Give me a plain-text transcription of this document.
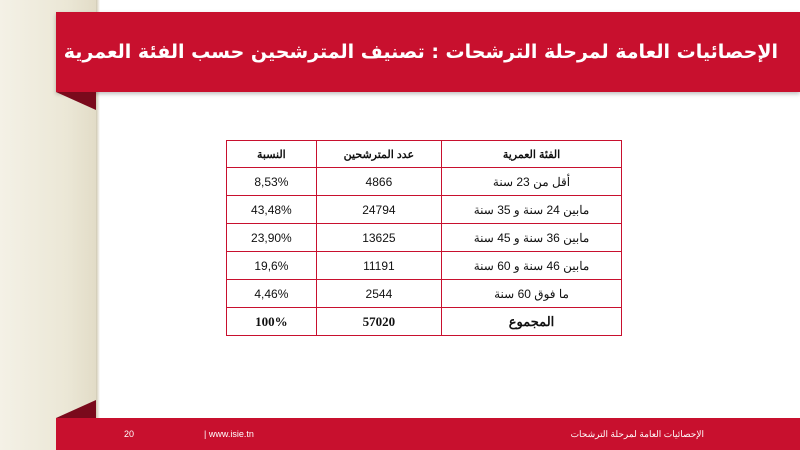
الإحصائيات العامة لمرحلة الترشحات : تصنيف المترشحين حسب الفئة العمرية
الفئة العمرية	عدد المترشحين	النسبة
أقل من 23 سنة	4866	8,53%
مابين 24 سنة و 35 سنة	24794	43,48%
مابين 36 سنة و 45 سنة	13625	23,90%
مابين 46 سنة و 60 سنة	11191	19,6%
ما فوق 60 سنة	2544	4,46%
المجموع	57020	100%
20	| www.isie.tn	الإحصائيات العامة لمرحلة الترشحات
